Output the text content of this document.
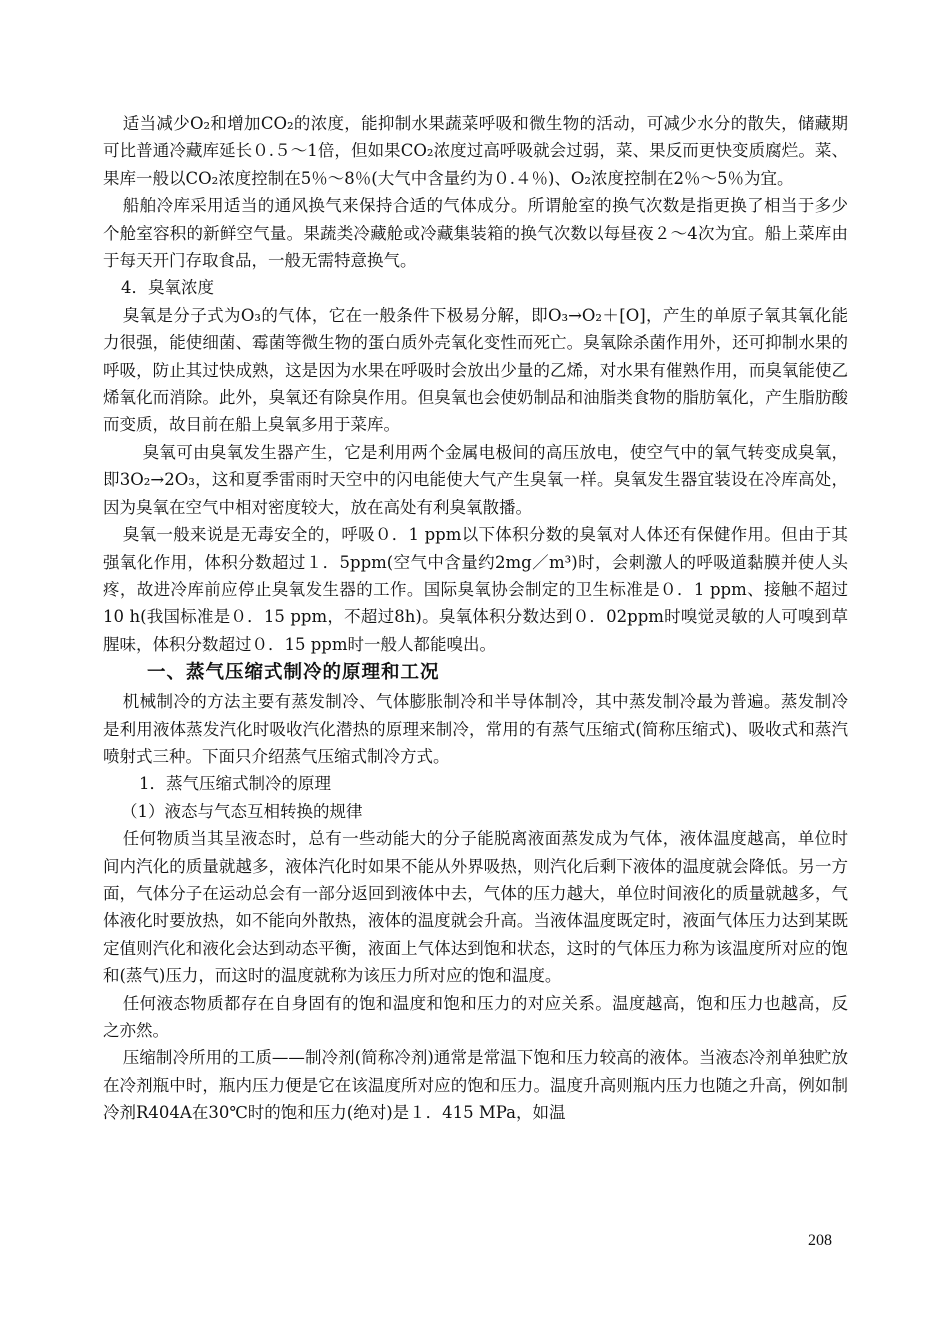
适当减少O₂和增加CO₂的浓度，能抑制水果蔬菜呼吸和微生物的活动，可减少水分的散失，储藏期可比普通冷藏库延长０.５～1倍，但如果CO₂浓度过高呼吸就会过弱，菜、果反而更快变质腐烂。菜、果库一般以CO₂浓度控制在5％～8％(大气中含量约为０.４％)、O₂浓度控制在2％～5％为宜。

船舶冷库采用适当的通风换气来保持合适的气体成分。所谓舱室的换气次数是指更换了相当于多少个舱室容积的新鲜空气量。果蔬类冷藏舱或冷藏集装箱的换气次数以每昼夜２～4次为宜。船上菜库由于每天开门存取食品，一般无需特意换气。

4．臭氧浓度

臭氧是分子式为O₃的气体，它在一般条件下极易分解，即O₃→O₂＋[O]，产生的单原子氧其氧化能力很强，能使细菌、霉菌等微生物的蛋白质外壳氧化变性而死亡。臭氧除杀菌作用外，还可抑制水果的呼吸，防止其过快成熟，这是因为水果在呼吸时会放出少量的乙烯，对水果有催熟作用，而臭氧能使乙烯氧化而消除。此外，臭氧还有除臭作用。但臭氧也会使奶制品和油脂类食物的脂肪氧化，产生脂肪酸而变质，故目前在船上臭氧多用于菜库。

臭氧可由臭氧发生器产生，它是利用两个金属电极间的高压放电，使空气中的氧气转变成臭氧，即3O₂→2O₃，这和夏季雷雨时天空中的闪电能使大气产生臭氧一样。臭氧发生器宜装设在冷库高处，因为臭氧在空气中相对密度较大，放在高处有利臭氧散播。

臭氧一般来说是无毒安全的，呼吸０．1 ppm以下体积分数的臭氧对人体还有保健作用。但由于其强氧化作用，体积分数超过１．5ppm(空气中含量约2mg／m³)时，会刺激人的呼吸道黏膜并使人头疼，故进冷库前应停止臭氧发生器的工作。国际臭氧协会制定的卫生标准是０．1 ppm、接触不超过10 h(我国标准是０．15 ppm，不超过8h)。臭氧体积分数达到０．02ppm时嗅觉灵敏的人可嗅到草腥味，体积分数超过０．15 ppm时一般人都能嗅出。

一、蒸气压缩式制冷的原理和工况

机械制冷的方法主要有蒸发制冷、气体膨胀制冷和半导体制冷，其中蒸发制冷最为普遍。蒸发制冷是利用液体蒸发汽化时吸收汽化潜热的原理来制冷，常用的有蒸气压缩式(简称压缩式)、吸收式和蒸汽喷射式三种。下面只介绍蒸气压缩式制冷方式。

1．蒸气压缩式制冷的原理

（1）液态与气态互相转换的规律

任何物质当其呈液态时，总有一些动能大的分子能脱离液面蒸发成为气体，液体温度越高，单位时间内汽化的质量就越多，液体汽化时如果不能从外界吸热，则汽化后剩下液体的温度就会降低。另一方面，气体分子在运动总会有一部分返回到液体中去，气体的压力越大，单位时间液化的质量就越多，气体液化时要放热，如不能向外散热，液体的温度就会升高。当液体温度既定时，液面气体压力达到某既定值则汽化和液化会达到动态平衡，液面上气体达到饱和状态，这时的气体压力称为该温度所对应的饱和(蒸气)压力，而这时的温度就称为该压力所对应的饱和温度。

任何液态物质都存在自身固有的饱和温度和饱和压力的对应关系。温度越高，饱和压力也越高，反之亦然。

压缩制冷所用的工质——制冷剂(简称冷剂)通常是常温下饱和压力较高的液体。当液态冷剂单独贮放在冷剂瓶中时，瓶内压力便是它在该温度所对应的饱和压力。温度升高则瓶内压力也随之升高，例如制冷剂R404A在30℃时的饱和压力(绝对)是１．415 MPa，如温

208
